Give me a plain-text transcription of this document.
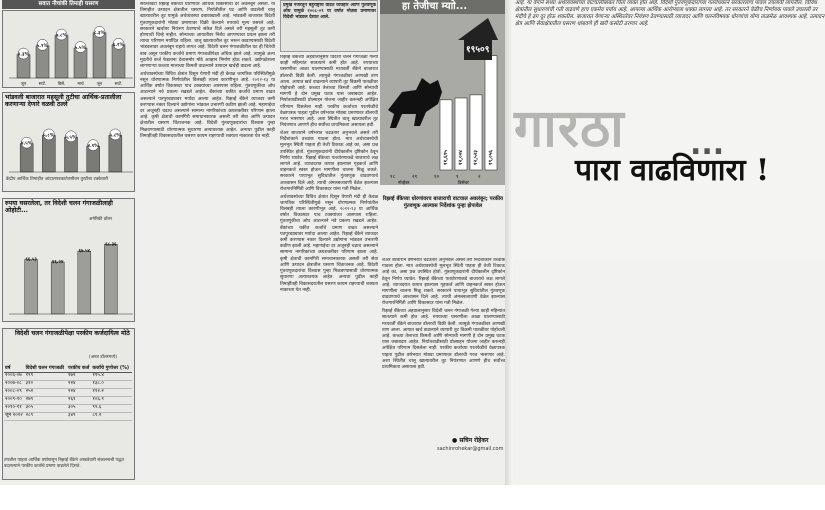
सवात नीचांकी तिमाही घसरण
४.३%
जून
५.९%
सप्टें.
७.८%
डिसें.
५.५%
मार्च
८.३%
जून
६.१%
सप्टें.
भांडवली बाजारात महसूली तुटीचा आर्थिक-प्रतालीला करणाऱ्या देणारे वळवी ठल्ले
४.५%
५.८% ५.५%
४.१%
५.८%
केंद्रीय आर्थिक तिमाहीत आंदालपत्रकातेतसीवन तुरटीचा टक्केवारी
रुपया घसरलेला, तर विदेशी चलन गंगाजळीलाही ओहोटी...
अमेरिकी डॉलर
६६.५३	६६.२४
६७.५४
६८.३६
विदेशी चलन गंगाजळीपेक्षा परकीय कर्जदायित्व मोठे
(अब्ज डॉलरमध्ये)
वर्ष	विदेशी चलन गंगाजळी	परकीय कर्ज	कर्जाचे गुणोत्तर (%)
२००६-०७	१९९	१७२	११५.४
२००७-०८	३१०	२२४	१३८.०
२००८-०९	२५२	२२४	११२.२
२००९-१०	२७९	२६१	१०६.९
२०१०-११	३०५	३०५	९९.६
जून २०१२	२८९	३४९	८१.२
तपशील पाहता आर्थिक वर्षापासून रिझर्व्ह बँकेने आकडेवारी संकलनाची पद्धत बदलल्याने परकीय कर्जाचे प्रमाण वाढलेले दिसते.

सरतेशेवटी रिझर्व्ह बँकेच्या धोरणांवर आर्थिक विकासाचा दर अवलंबून असतो. या तिमाहीत उत्पादन क्षेत्रातील घसरण, निर्यातीतील घट आणि वाढलेली चालू खात्यावरील तूट यामुळे अर्थव्यवस्था दबावाखाली आहे. भांडवली बाजारात विदेशी गुंतवणूकदारांनी मोठ्या प्रमाणावर विक्री केल्याने रुपयाचे मूल्य घसरले आहे. सरकारने खर्चावर नियंत्रण ठेवण्याचे संकेत दिले असले तरी महसूली तूट कमी होण्याची चिन्हे नाहीत. सोन्याच्या आयातीवर निर्बंध आणण्याचा प्रयत्न झाला तरी त्याचा परिणाम मर्यादित राहिला. चालू खात्यावरील तूट भरून काढण्यासाठी विदेशी भांडवलावर अवलंबून राहावे लागत आहे. विदेशी चलन गंगाजळीतील घट ही चिंतेची बाब असून परकीय कर्जाचे प्रमाण गंगाजळीपेक्षा अधिक झाले आहे. त्यामुळे अल्प मुदतीचे कर्ज फेडताना देशासमोर मोठे आव्हान निर्माण होऊ शकते. उद्योगक्षेत्राला लागणाऱ्या कच्च्या मालाच्या किमती वाढल्याने उत्पादन खर्चही वाढला आहे.

अर्थव्यवस्थेच्या विविध क्षेत्रांत दिसून येणारी मंदी ही केवळ जागतिक परिस्थितीमुळे नसून धोरणात्मक निर्णयांतील विलंबही त्याला कारणीभूत आहे. २०१२-१३ या आर्थिक वर्षात विकासदर पाच टक्क्यांच्या आसपास राहिला. गुंतवणुकीचा ओघ आटल्याने नवे प्रकल्प रखडले आहेत. बँकांच्या थकीत कर्जांचे प्रमाण वाढत असल्याने पतपुरवठ्यावर मर्यादा आल्या आहेत. रिझर्व्ह बँकेने व्याजदर कमी करण्यास नकार दिल्याने उद्योगांना भांडवल उभारणी कठीण झाली आहे. महागाईचा दर अजूनही चढाच असल्याने सामान्य नागरिकांच्या क्रयशक्तीवर परिणाम झाला आहे. कृषी क्षेत्राची कामगिरी समाधानकारक असली तरी सेवा आणि उत्पादन क्षेत्रातील घसरण चिंताजनक आहे. विदेशी गुंतवणूकदारांचा विश्वास पुन्हा मिळवण्यासाठी धोरणात्मक सुधारणा अत्यावश्यक आहेत. अन्यथा पुढील काही तिमाहींतही विकासदरातील घसरण कायम राहण्याची शक्यता नाकारता येत नाही.

प्रमुख नजरेतून बहुराष्ट्रांचे वाढते व्यवहार आणि गुंतवणूक ओघ यामुळे २००८-०९ या वर्षात मोठ्या प्रमाणावर विदेशी भांडवल देशात आले.

रिझर्व्ह बँकेच्या अहवालानुसार विदेशी चलन गंगाजळी गेल्या काही महिन्यांत सातत्याने कमी होत आहे. रुपयाच्या घसरणीला आळा घालण्यासाठी मध्यवर्ती बँकेने बाजारात डॉलरची विक्री केली. त्यामुळे गंगाजळीवर आणखी ताण आला. आयात खर्च वाढल्याने व्यापारी तूट विक्रमी पातळीवर पोहोचली आहे. कच्च्या तेलाच्या किमती आणि सोन्याची मागणी हे दोन प्रमुख घटक यास जबाबदार आहेत. निर्यातवाढीसाठी प्रोत्साहन योजना जाहीर करूनही अपेक्षित परिणाम दिसलेला नाही. परकीय कर्जाच्या परतफेडीचे वेळापत्रक पाहता पुढील वर्षभरात मोठ्या प्रमाणावर डॉलरची गरज भासणार आहे. अशा स्थितीत चालू खात्यावरील तूट नियंत्रणात आणणे हीच सर्वोच्च प्राथमिकता असायला हवी.

शेअर बाजाराने वर्षभरात चढउतार अनुभवले असले तरी निर्देशांकाने उच्चांक गाठला होता. मात्र अर्थव्यवस्थेची मूलभूत स्थिती पाहता ही तेजी टिकाऊ आहे का, असा प्रश्न उपस्थित होतो. गुंतवणूकदारांनी दीर्घकालीन दृष्टिकोन ठेवून निर्णय घ्यावेत. रिझर्व्ह बँकेच्या पतधोरणाकडे बाजाराचे लक्ष लागले आहे. व्याजदरात कपात झाल्यास गृहकर्ज आणि वाहनकर्ज स्वस्त होऊन मागणीला चालना मिळू शकते. सरकारने पायाभूत सुविधांतील गुंतवणूक वाढवण्याचे आश्वासन दिले आहे. त्याची अंमलबजावणी वेळेत झाल्यास रोजगारनिर्मिती आणि विकासदर यांना गती मिळेल.

अर्थव्यवस्थेच्या विविध क्षेत्रांत दिसून येणारी मंदी ही केवळ जागतिक परिस्थितीमुळे नसून धोरणात्मक निर्णयांतील विलंबही त्याला कारणीभूत आहे. २०१२-१३ या आर्थिक वर्षात विकासदर पाच टक्क्यांच्या आसपास राहिला. गुंतवणुकीचा ओघ आटल्याने नवे प्रकल्प रखडले आहेत. बँकांच्या थकीत कर्जांचे प्रमाण वाढत असल्याने पतपुरवठ्यावर मर्यादा आल्या आहेत. रिझर्व्ह बँकेने व्याजदर कमी करण्यास नकार दिल्याने उद्योगांना भांडवल उभारणी कठीण झाली आहे. महागाईचा दर अजूनही चढाच असल्याने सामान्य नागरिकांच्या क्रयशक्तीवर परिणाम झाला आहे. कृषी क्षेत्राची कामगिरी समाधानकारक असली तरी सेवा आणि उत्पादन क्षेत्रातील घसरण चिंताजनक आहे. विदेशी गुंतवणूकदारांचा विश्वास पुन्हा मिळवण्यासाठी धोरणात्मक सुधारणा अत्यावश्यक आहेत. अन्यथा पुढील काही तिमाहींतही विकासदरातील घसरण कायम राहण्याची शक्यता नाकारता येत नाही.

११,६९५ १२,००४ १२,५२३ १९,०५६
१९५०९
१८	२१	१०	१	२
नोव्हेंबर	डिसेंबर
हा तेजीचा म्याो...
रिझर्व्ह बँकेच्या धोरणांवरच बाजाराची वाटचाल अवलंबून; परकीय गुंतवणूक आल्यास निर्देशांक पुन्हा झेपावेल

शेअर बाजाराने वर्षभरात चढउतार अनुभवले असले तरी निर्देशांकाने उच्चांक गाठला होता. मात्र अर्थव्यवस्थेची मूलभूत स्थिती पाहता ही तेजी टिकाऊ आहे का, असा प्रश्न उपस्थित होतो. गुंतवणूकदारांनी दीर्घकालीन दृष्टिकोन ठेवून निर्णय घ्यावेत. रिझर्व्ह बँकेच्या पतधोरणाकडे बाजाराचे लक्ष लागले आहे. व्याजदरात कपात झाल्यास गृहकर्ज आणि वाहनकर्ज स्वस्त होऊन मागणीला चालना मिळू शकते. सरकारने पायाभूत सुविधांतील गुंतवणूक वाढवण्याचे आश्वासन दिले आहे. त्याची अंमलबजावणी वेळेत झाल्यास रोजगारनिर्मिती आणि विकासदर यांना गती मिळेल.

रिझर्व्ह बँकेच्या अहवालानुसार विदेशी चलन गंगाजळी गेल्या काही महिन्यांत सातत्याने कमी होत आहे. रुपयाच्या घसरणीला आळा घालण्यासाठी मध्यवर्ती बँकेने बाजारात डॉलरची विक्री केली. त्यामुळे गंगाजळीवर आणखी ताण आला. आयात खर्च वाढल्याने व्यापारी तूट विक्रमी पातळीवर पोहोचली आहे. कच्च्या तेलाच्या किमती आणि सोन्याची मागणी हे दोन प्रमुख घटक यास जबाबदार आहेत. निर्यातवाढीसाठी प्रोत्साहन योजना जाहीर करूनही अपेक्षित परिणाम दिसलेला नाही. परकीय कर्जाच्या परतफेडीचे वेळापत्रक पाहता पुढील वर्षभरात मोठ्या प्रमाणावर डॉलरची गरज भासणार आहे. अशा स्थितीत चालू खात्यावरील तूट नियंत्रणात आणणे हीच सर्वोच्च प्राथमिकता असायला हवी.

● सचिन रोहेकर
sachinrohekar@gmail.com
आहे. या वेगाने सध्या अर्थव्यवस्थेच्या वाटचालीबाबत चिंता व्यक्त होत आहे. विदेशी गुंतवणूकदारांच्या गतरोधकाने सरकारलाच पावलं उचलावी लागतील. विविध क्षेत्रांतील सुधारणांची गती वाढवणे हाच एकमेव पर्याय आहे. आपल्या आर्थिक आरोग्याला धक्का लागला आहे. तर सरकारने वेळीच निर्णायक पावले उचलली तर मंदीचे हे ढग दूर होऊ शकतील. बाजारात येणाऱ्या अस्थिरतेवर नियंत्रण ठेवण्यासाठी व्याजदर आणि चलनविषयक धोरणांचा योग्य ताळमेळ आवश्यक आहे. उत्पादन क्षेत्र आणि सेवाक्षेत्रातील घसरण थांबवणे ही खरी कसोटी ठरणार आहे.
गारठा ...
पारा वाढविणारा !
